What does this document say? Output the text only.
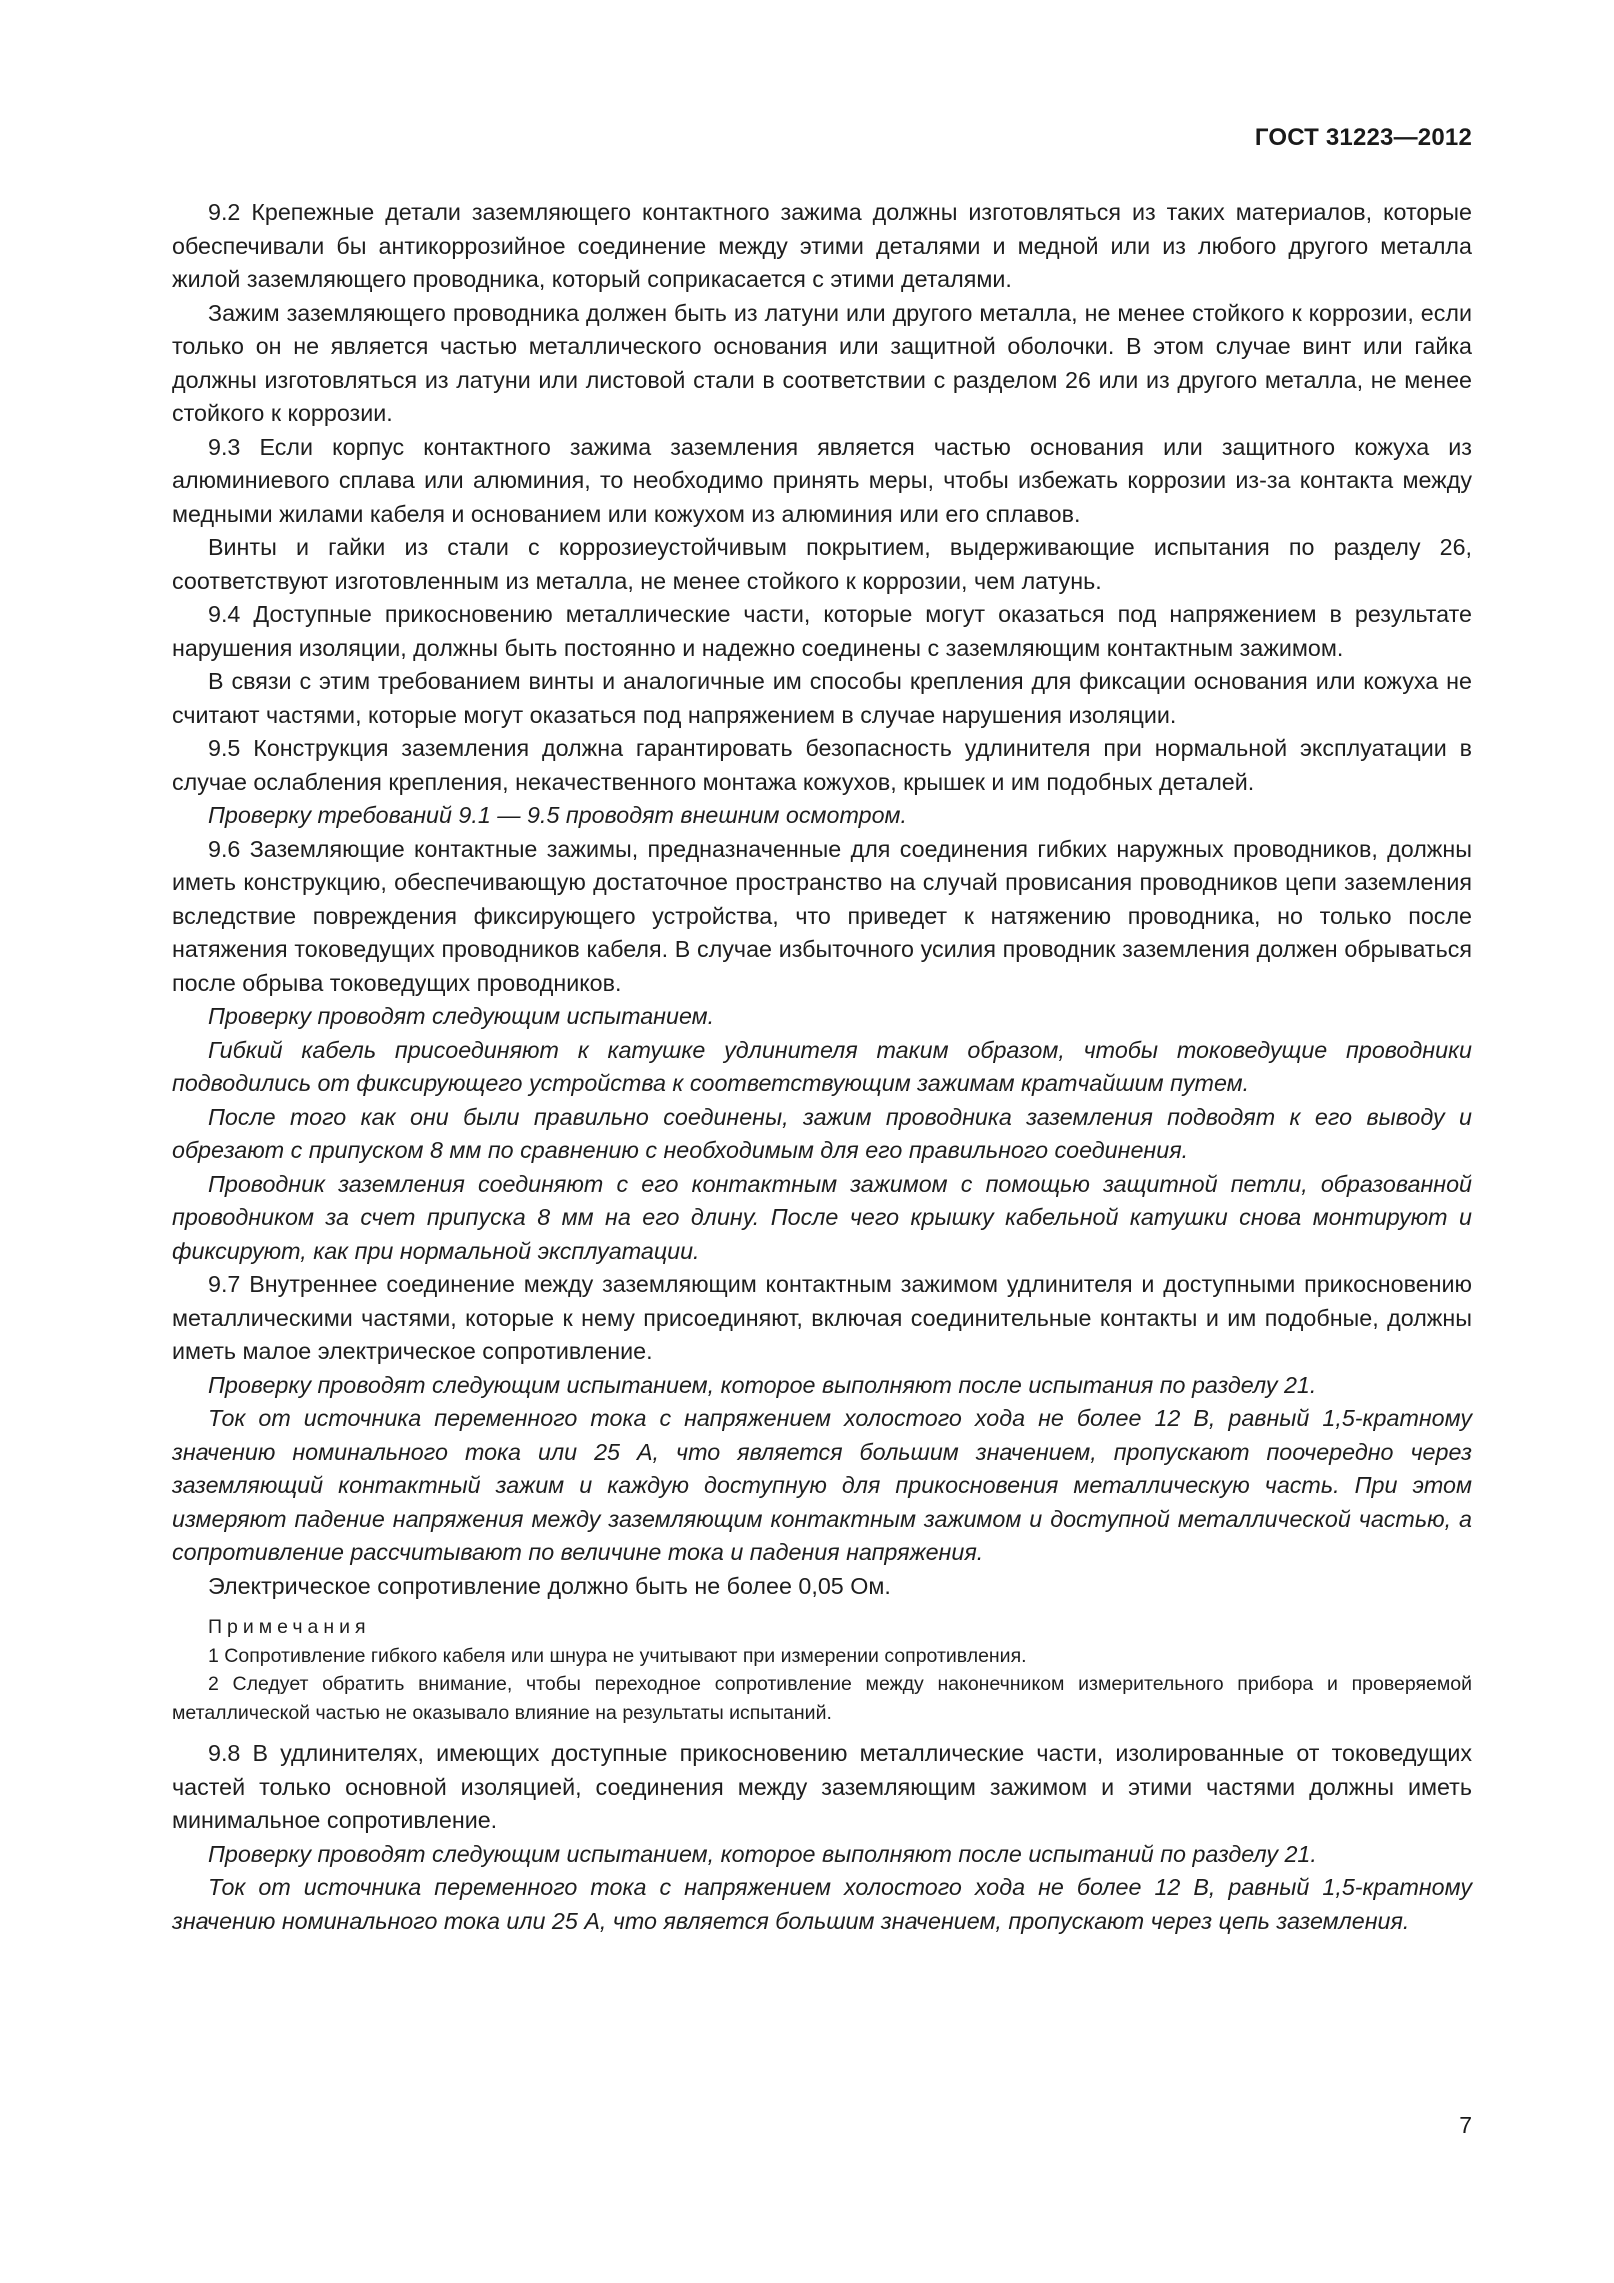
ГОСТ 31223—2012

9.2 Крепежные детали заземляющего контактного зажима должны изготовляться из таких материалов, которые обеспечивали бы антикоррозийное соединение между этими деталями и медной или из любого другого металла жилой заземляющего проводника, который соприкасается с этими деталями.

Зажим заземляющего проводника должен быть из латуни или другого металла, не менее стойкого к коррозии, если только он не является частью металлического основания или защитной оболочки. В этом случае винт или гайка должны изготовляться из латуни или листовой стали в соответствии с разделом 26 или из другого металла, не менее стойкого к коррозии.

9.3 Если корпус контактного зажима заземления является частью основания или защитного кожуха из алюминиевого сплава или алюминия, то необходимо принять меры, чтобы избежать коррозии из-за контакта между медными жилами кабеля и основанием или кожухом из алюминия или его сплавов.

Винты и гайки из стали с коррозиеустойчивым покрытием, выдерживающие испытания по разделу 26, соответствуют изготовленным из металла, не менее стойкого к коррозии, чем латунь.

9.4 Доступные прикосновению металлические части, которые могут оказаться под напряжением в результате нарушения изоляции, должны быть постоянно и надежно соединены с заземляющим контактным зажимом.

В связи с этим требованием винты и аналогичные им способы крепления для фиксации основания или кожуха не считают частями, которые могут оказаться под напряжением в случае нарушения изоляции.

9.5 Конструкция заземления должна гарантировать безопасность удлинителя при нормальной эксплуатации в случае ослабления крепления, некачественного монтажа кожухов, крышек и им подобных деталей.

Проверку требований 9.1 — 9.5 проводят внешним осмотром.

9.6 Заземляющие контактные зажимы, предназначенные для соединения гибких наружных проводников, должны иметь конструкцию, обеспечивающую достаточное пространство на случай провисания проводников цепи заземления вследствие повреждения фиксирующего устройства, что приведет к натяжению проводника, но только после натяжения токоведущих проводников кабеля. В случае избыточного усилия проводник заземления должен обрываться после обрыва токоведущих проводников.

Проверку проводят следующим испытанием.

Гибкий кабель присоединяют к катушке удлинителя таким образом, чтобы токоведущие проводники подводились от фиксирующего устройства к соответствующим зажимам кратчайшим путем.

После того как они были правильно соединены, зажим проводника заземления подводят к его выводу и обрезают с припуском 8 мм по сравнению с необходимым для его правильного соединения.

Проводник заземления соединяют с его контактным зажимом с помощью защитной петли, образованной проводником за счет припуска 8 мм на его длину. После чего крышку кабельной катушки снова монтируют и фиксируют, как при нормальной эксплуатации.

9.7 Внутреннее соединение между заземляющим контактным зажимом удлинителя и доступными прикосновению металлическими частями, которые к нему присоединяют, включая соединительные контакты и им подобные, должны иметь малое электрическое сопротивление.

Проверку проводят следующим испытанием, которое выполняют после испытания по разделу 21.

Ток от источника переменного тока с напряжением холостого хода не более 12 В, равный 1,5-кратному значению номинального тока или 25 А, что является большим значением, пропускают поочередно через заземляющий контактный зажим и каждую доступную для прикосновения металлическую часть. При этом измеряют падение напряжения между заземляющим контактным зажимом и доступной металлической частью, а сопротивление рассчитывают по величине тока и падения напряжения.

Электрическое сопротивление должно быть не более 0,05 Ом.

Примечания

1 Сопротивление гибкого кабеля или шнура не учитывают при измерении сопротивления.

2 Следует обратить внимание, чтобы переходное сопротивление между наконечником измерительного прибора и проверяемой металлической частью не оказывало влияние на результаты испытаний.

9.8 В удлинителях, имеющих доступные прикосновению металлические части, изолированные от токоведущих частей только основной изоляцией, соединения между заземляющим зажимом и этими частями должны иметь минимальное сопротивление.

Проверку проводят следующим испытанием, которое выполняют после испытаний по разделу 21.

Ток от источника переменного тока с напряжением холостого хода не более 12 В, равный 1,5-кратному значению номинального тока или 25 А, что является большим значением, пропускают через цепь заземления.

7
